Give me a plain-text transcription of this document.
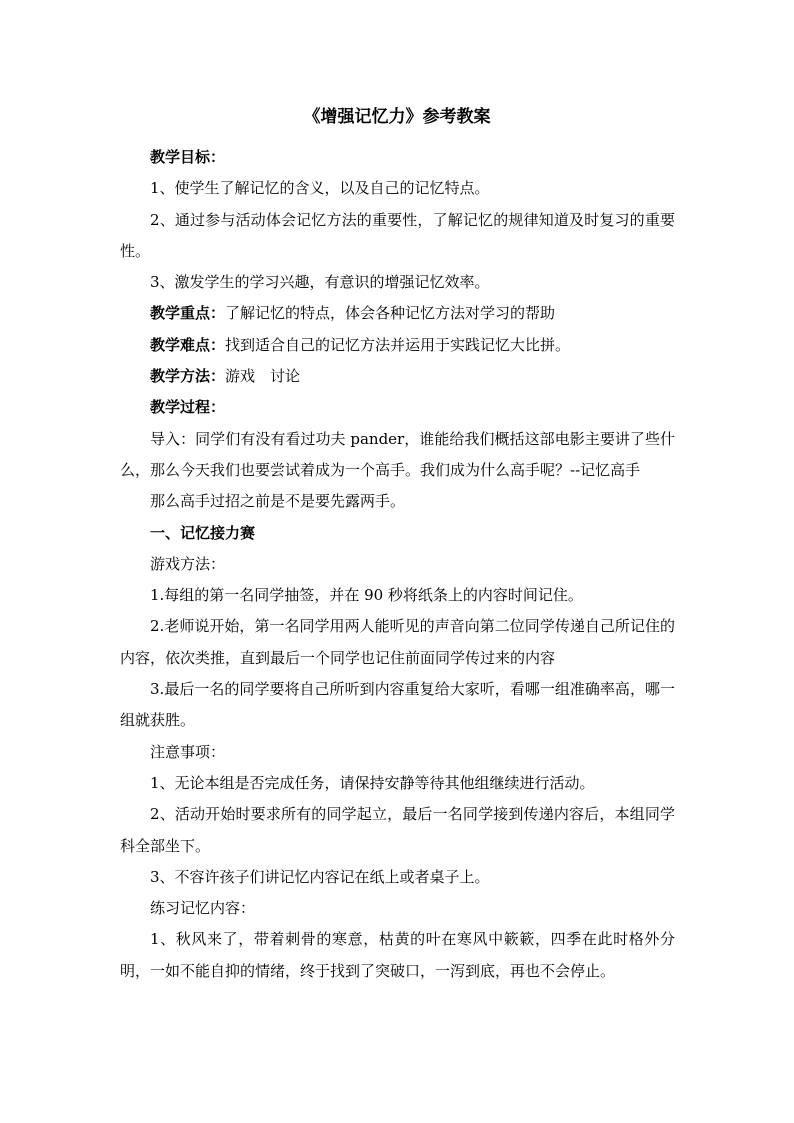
《增强记忆力》参考教案

教学目标：

1、使学生了解记忆的含义，以及自己的记忆特点。

2、通过参与活动体会记忆方法的重要性，了解记忆的规律知道及时复习的重要性。

3、激发学生的学习兴趣，有意识的增强记忆效率。

教学重点：了解记忆的特点，体会各种记忆方法对学习的帮助

教学难点：找到适合自己的记忆方法并运用于实践记忆大比拼。

教学方法：游戏　讨论

教学过程：

导入：同学们有没有看过功夫 pander，谁能给我们概括这部电影主要讲了些什么，那么今天我们也要尝试着成为一个高手。我们成为什么高手呢？--记忆高手

那么高手过招之前是不是要先露两手。

一、记忆接力赛

游戏方法：

1.每组的第一名同学抽签，并在 90 秒将纸条上的内容时间记住。

2.老师说开始，第一名同学用两人能听见的声音向第二位同学传递自己所记住的内容，依次类推，直到最后一个同学也记住前面同学传过来的内容

3.最后一名的同学要将自己所听到内容重复给大家听，看哪一组准确率高，哪一组就获胜。

注意事项：

1、无论本组是否完成任务，请保持安静等待其他组继续进行活动。

2、活动开始时要求所有的同学起立，最后一名同学接到传递内容后，本组同学科全部坐下。

3、不容许孩子们讲记忆内容记在纸上或者桌子上。

练习记忆内容：

1、秋风来了，带着刺骨的寒意，枯黄的叶在寒风中簌簌，四季在此时格外分明，一如不能自抑的情绪，终于找到了突破口，一泻到底，再也不会停止。
